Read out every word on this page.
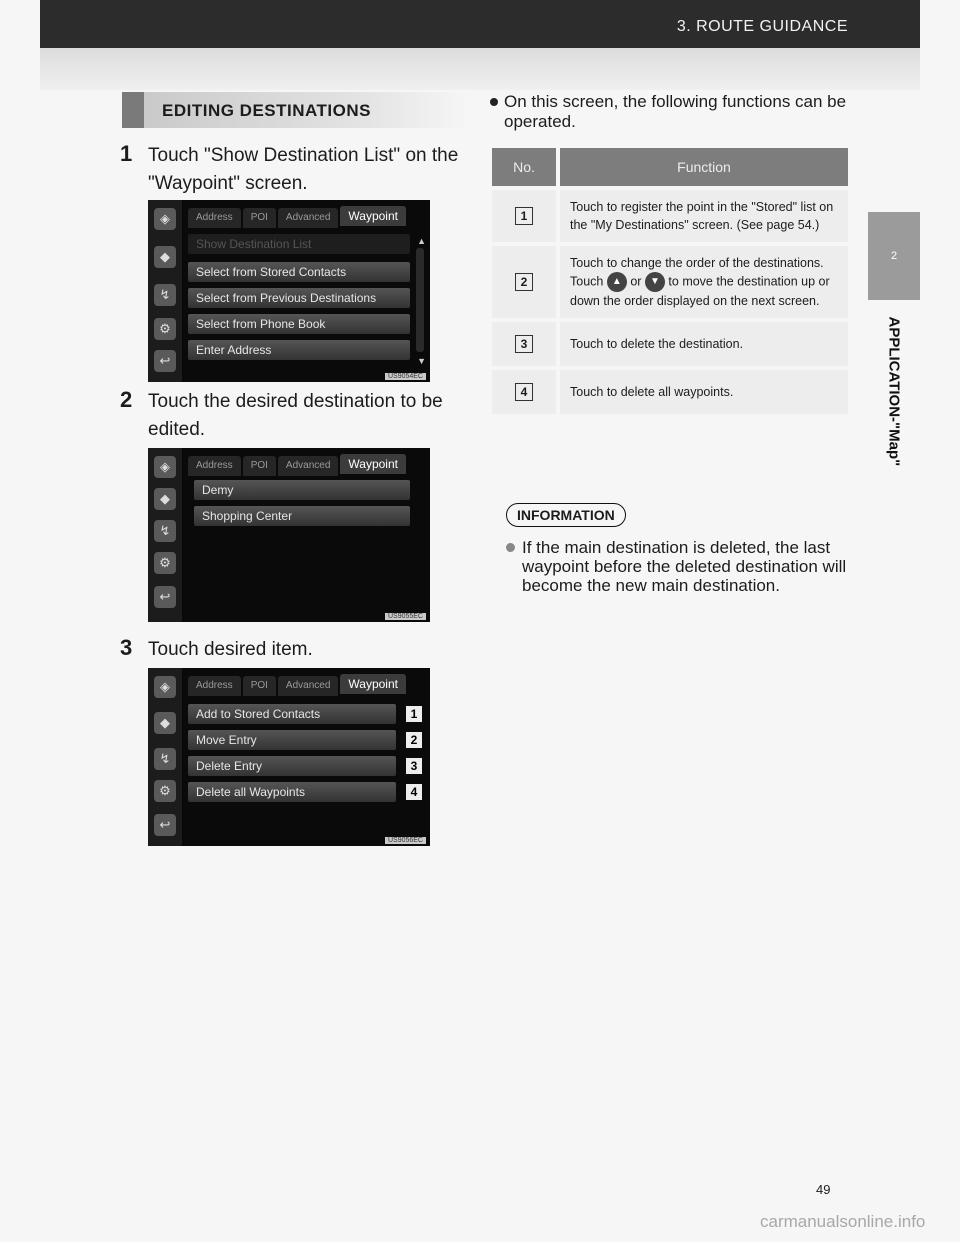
3. ROUTE GUIDANCE
2
APPLICATION-"Map"
EDITING DESTINATIONS
1 Touch "Show Destination List" on the "Waypoint" screen.
◈
◆
↯
⚙
↩
Address POI Advanced Waypoint
Show Destination List
Select from Stored Contacts
Select from Previous Destinations
Select from Phone Book
Enter Address
▲
▼
US9054EC
2 Touch the desired destination to be edited.
◈
◆
↯
⚙
↩
Address POI Advanced Waypoint
Demy
Shopping Center
US9055EC
3 Touch desired item.
◈
◆
↯
⚙
↩
Address POI Advanced Waypoint
Add to Stored Contacts	1
Move Entry	2
Delete Entry	3
Delete all Waypoints	4
US9056EC
On this screen, the following functions can be operated.
No.		Function
1		Touch to register the point in the "Stored" list on the "My Destinations" screen. (See page 54.)
2		Touch to change the order of the destinations. Touch ▲ or ▼ to move the destination up or down the order displayed on the next screen.
3		Touch to delete the destination.
4		Touch to delete all waypoints.
INFORMATION
If the main destination is deleted, the last waypoint before the deleted destination will become the new main destination.
49
carmanualsonline.info
